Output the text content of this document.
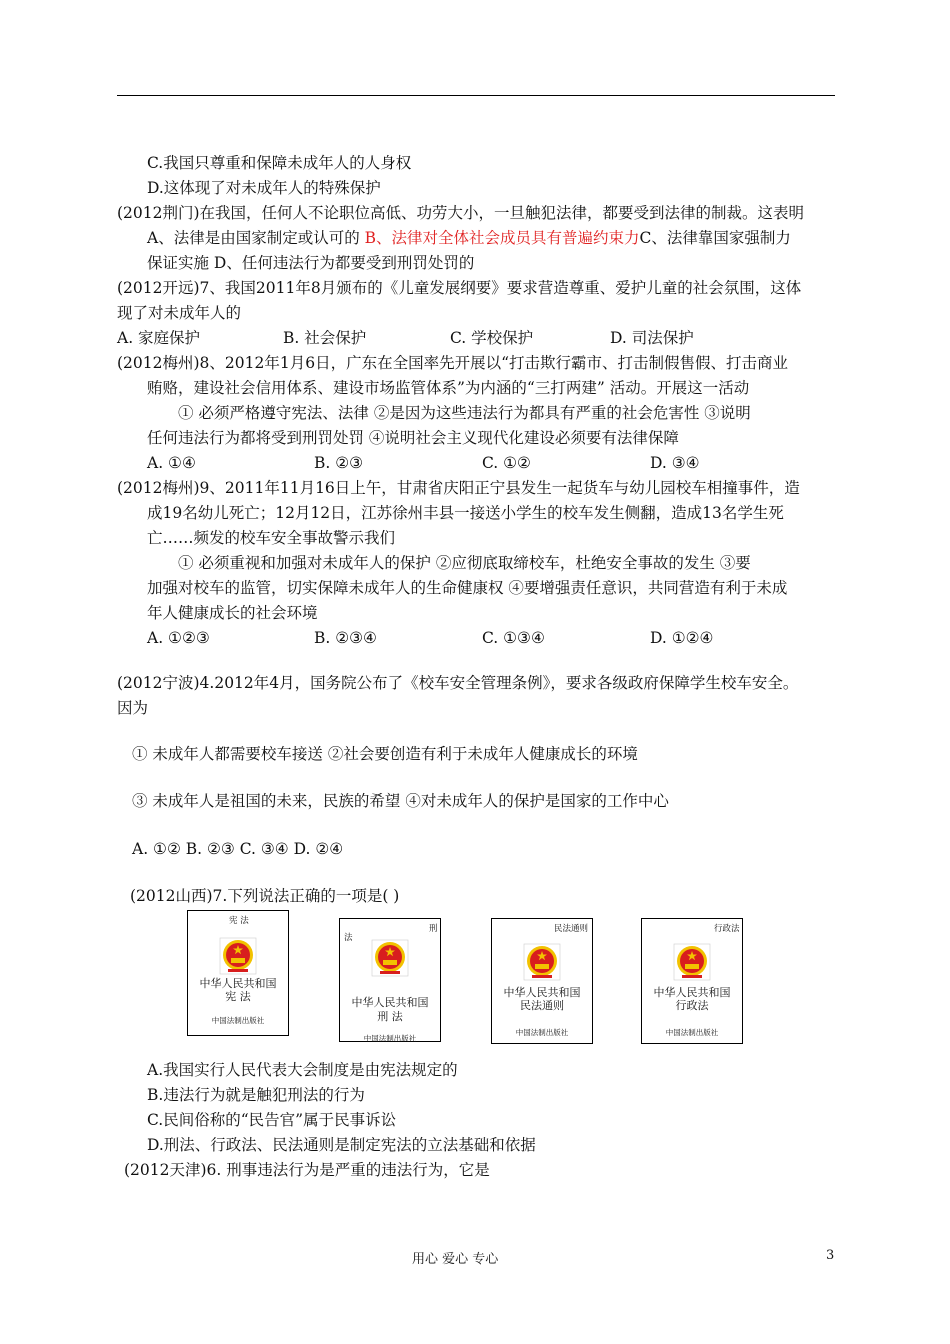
C.我国只尊重和保障未成年人的人身权
D.这体现了对未成年人的特殊保护
(2012荆门)在我国，任何人不论职位高低、功劳大小，一旦触犯法律，都要受到法律的制裁。这表明
A、法律是由国家制定或认可的 B、法律对全体社会成员具有普遍约束力C、法律靠国家强制力
保证实施 D、任何违法行为都要受到刑罚处罚的
(2012开远)7、我国2011年8月颁布的《儿童发展纲要》要求营造尊重、爱护儿童的社会氛围，这体
现了对未成年人的
A. 家庭保护	B. 社会保护	C. 学校保护	D. 司法保护
(2012梅州)8、2012年1月6日，广东在全国率先开展以“打击欺行霸市、打击制假售假、打击商业
贿赂，建设社会信用体系、建设市场监管体系”为内涵的“三打两建” 活动。开展这一活动
① 必须严格遵守宪法、法律 ②是因为这些违法行为都具有严重的社会危害性 ③说明
任何违法行为都将受到刑罚处罚 ④说明社会主义现代化建设必须要有法律保障
A. ①④	B. ②③	C. ①②	D. ③④
(2012梅州)9、2011年11月16日上午，甘肃省庆阳正宁县发生一起货车与幼儿园校车相撞事件，造
成19名幼儿死亡；12月12日，江苏徐州丰县一接送小学生的校车发生侧翻，造成13名学生死
亡……频发的校车安全事故警示我们
① 必须重视和加强对未成年人的保护 ②应彻底取缔校车，杜绝安全事故的发生 ③要
加强对校车的监管，切实保障未成年人的生命健康权 ④要增强责任意识，共同营造有利于未成
年人健康成长的社会环境
A. ①②③	B. ②③④	C. ①③④	D. ①②④
(2012宁波)4.2012年4月，国务院公布了《校车安全管理条例》，要求各级政府保障学生校车安全。
因为
① 未成年人都需要校车接送 ②社会要创造有利于未成年人健康成长的环境
③ 未成年人是祖国的未来，民族的希望 ④对未成年人的保护是国家的工作中心
A. ①② B. ②③ C. ③④ D. ②④
(2012山西)7.下列说法正确的一项是( )
宪 法
中华人民共和国
宪 法
中国法制出版社
刑
法
中华人民共和国
刑 法
中国法制出版社
民法通则
中华人民共和国
民法通则
中国法制出版社
行政法
中华人民共和国
行政法
中国法制出版社
A.我国实行人民代表大会制度是由宪法规定的
B.违法行为就是触犯刑法的行为
C.民间俗称的“民告官”属于民事诉讼
D.刑法、行政法、民法通则是制定宪法的立法基础和依据
(2012天津)6. 刑事违法行为是严重的违法行为，它是
用心 爱心 专心	3
